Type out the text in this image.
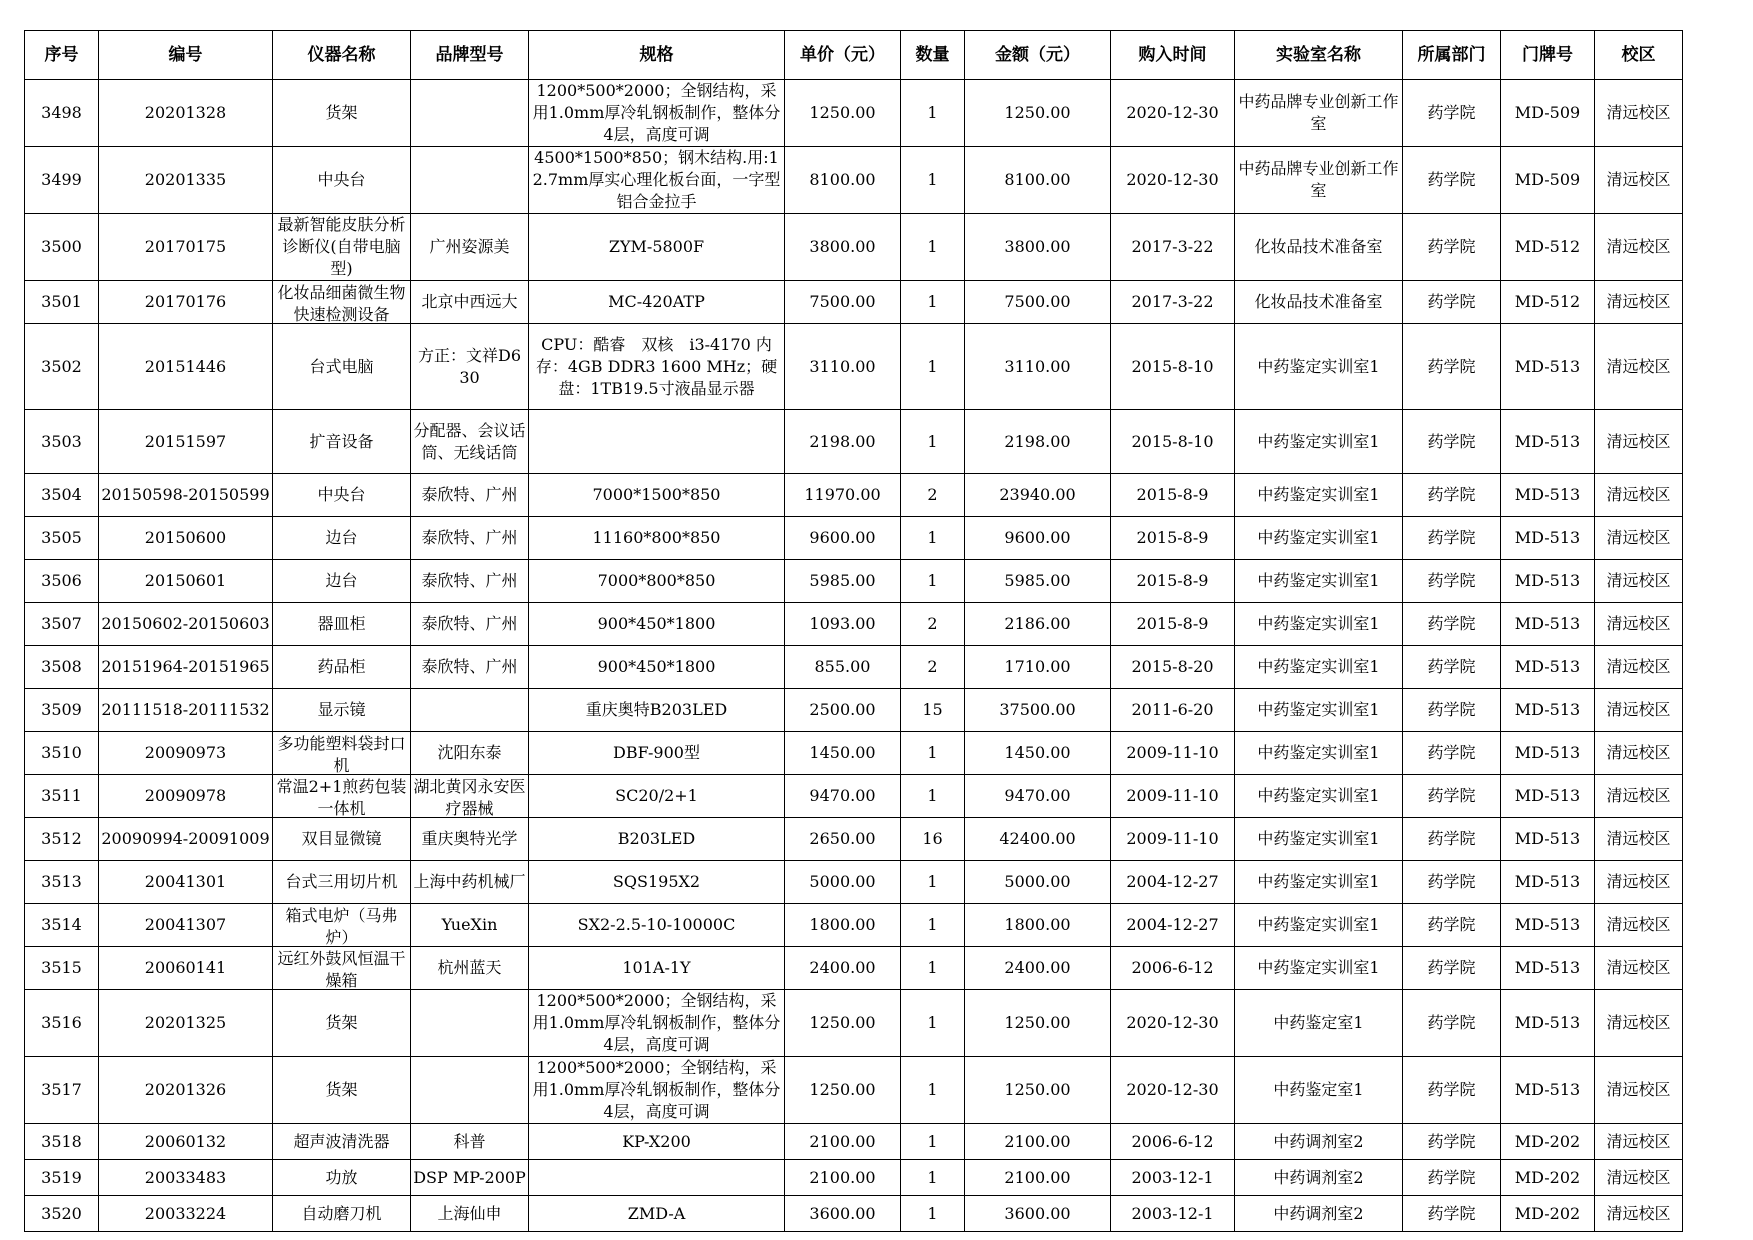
序号	编号	仪器名称	品牌型号	规格	单价（元）	数量	金额（元）	购入时间	实验室名称	所属部门	门牌号	校区

3498	20201328	货架		1200*500*2000；全钢结构，采用1.0mm厚冷轧钢板制作，整体分4层，高度可调	1250.00	1	1250.00	2020-12-30	中药品牌专业创新工作室	药学院	MD-509	清远校区

3499	20201335	中央台		4500*1500*850；钢木结构.用:12.7mm厚实心理化板台面，一字型铝合金拉手	8100.00	1	8100.00	2020-12-30	中药品牌专业创新工作室	药学院	MD-509	清远校区

3500	20170175	最新智能皮肤分析诊断仪(自带电脑型)	广州姿源美	ZYM-5800F	3800.00	1	3800.00	2017-3-22	化妆品技术准备室	药学院	MD-512	清远校区

3501	20170176	化妆品细菌微生物快速检测设备	北京中西远大	MC-420ATP	7500.00	1	7500.00	2017-3-22	化妆品技术准备室	药学院	MD-512	清远校区

3502	20151446	台式电脑	方正：文祥D630	CPU：酷睿　双核　i3-4170 内存：4GB DDR3 1600 MHz；硬盘：1TB19.5寸液晶显示器	3110.00	1	3110.00	2015-8-10	中药鉴定实训室1	药学院	MD-513	清远校区

3503	20151597	扩音设备	分配器、会议话筒、无线话筒		2198.00	1	2198.00	2015-8-10	中药鉴定实训室1	药学院	MD-513	清远校区

3504	20150598-20150599	中央台	泰欣特、广州	7000*1500*850	11970.00	2	23940.00	2015-8-9	中药鉴定实训室1	药学院	MD-513	清远校区

3505	20150600	边台	泰欣特、广州	11160*800*850	9600.00	1	9600.00	2015-8-9	中药鉴定实训室1	药学院	MD-513	清远校区

3506	20150601	边台	泰欣特、广州	7000*800*850	5985.00	1	5985.00	2015-8-9	中药鉴定实训室1	药学院	MD-513	清远校区

3507	20150602-20150603	器皿柜	泰欣特、广州	900*450*1800	1093.00	2	2186.00	2015-8-9	中药鉴定实训室1	药学院	MD-513	清远校区

3508	20151964-20151965	药品柜	泰欣特、广州	900*450*1800	855.00	2	1710.00	2015-8-20	中药鉴定实训室1	药学院	MD-513	清远校区

3509	20111518-20111532	显示镜		重庆奥特B203LED	2500.00	15	37500.00	2011-6-20	中药鉴定实训室1	药学院	MD-513	清远校区

3510	20090973	多功能塑料袋封口机	沈阳东泰	DBF-900型	1450.00	1	1450.00	2009-11-10	中药鉴定实训室1	药学院	MD-513	清远校区

3511	20090978	常温2+1煎药包装一体机	湖北黄冈永安医疗器械	SC20/2+1	9470.00	1	9470.00	2009-11-10	中药鉴定实训室1	药学院	MD-513	清远校区

3512	20090994-20091009	双目显微镜	重庆奥特光学	B203LED	2650.00	16	42400.00	2009-11-10	中药鉴定实训室1	药学院	MD-513	清远校区

3513	20041301	台式三用切片机	上海中药机械厂	SQS195X2	5000.00	1	5000.00	2004-12-27	中药鉴定实训室1	药学院	MD-513	清远校区

3514	20041307	箱式电炉（马弗炉）	YueXin	SX2-2.5-10-10000C	1800.00	1	1800.00	2004-12-27	中药鉴定实训室1	药学院	MD-513	清远校区

3515	20060141	远红外鼓风恒温干燥箱	杭州蓝天	101A-1Y	2400.00	1	2400.00	2006-6-12	中药鉴定实训室1	药学院	MD-513	清远校区

3516	20201325	货架		1200*500*2000；全钢结构，采用1.0mm厚冷轧钢板制作，整体分4层，高度可调	1250.00	1	1250.00	2020-12-30	中药鉴定室1	药学院	MD-513	清远校区

3517	20201326	货架		1200*500*2000；全钢结构，采用1.0mm厚冷轧钢板制作，整体分4层，高度可调	1250.00	1	1250.00	2020-12-30	中药鉴定室1	药学院	MD-513	清远校区

3518	20060132	超声波清洗器	科普	KP-X200	2100.00	1	2100.00	2006-6-12	中药调剂室2	药学院	MD-202	清远校区

3519	20033483	功放	DSP MP-200P		2100.00	1	2100.00	2003-12-1	中药调剂室2	药学院	MD-202	清远校区

3520	20033224	自动磨刀机	上海仙申	ZMD-A	3600.00	1	3600.00	2003-12-1	中药调剂室2	药学院	MD-202	清远校区
